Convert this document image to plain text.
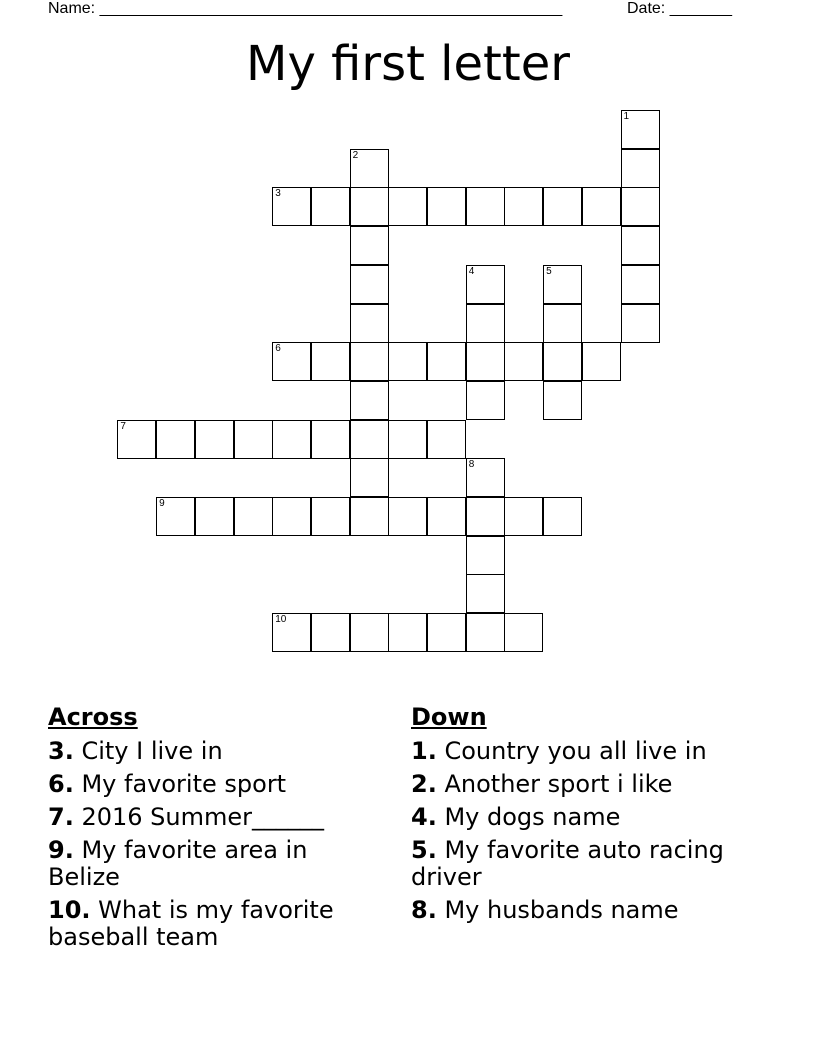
Name: ____________________________________________________	Date: _______
My first letter
1
2
3
4	5
6
7
8
9
10
Across
3. City I live in
6. My favorite sport
7. 2016 Summer______
9. My favorite area in Belize
10. What is my favorite baseball team
Down
1. Country you all live in
2. Another sport i like
4. My dogs name
5. My favorite auto racing driver
8. My husbands name
